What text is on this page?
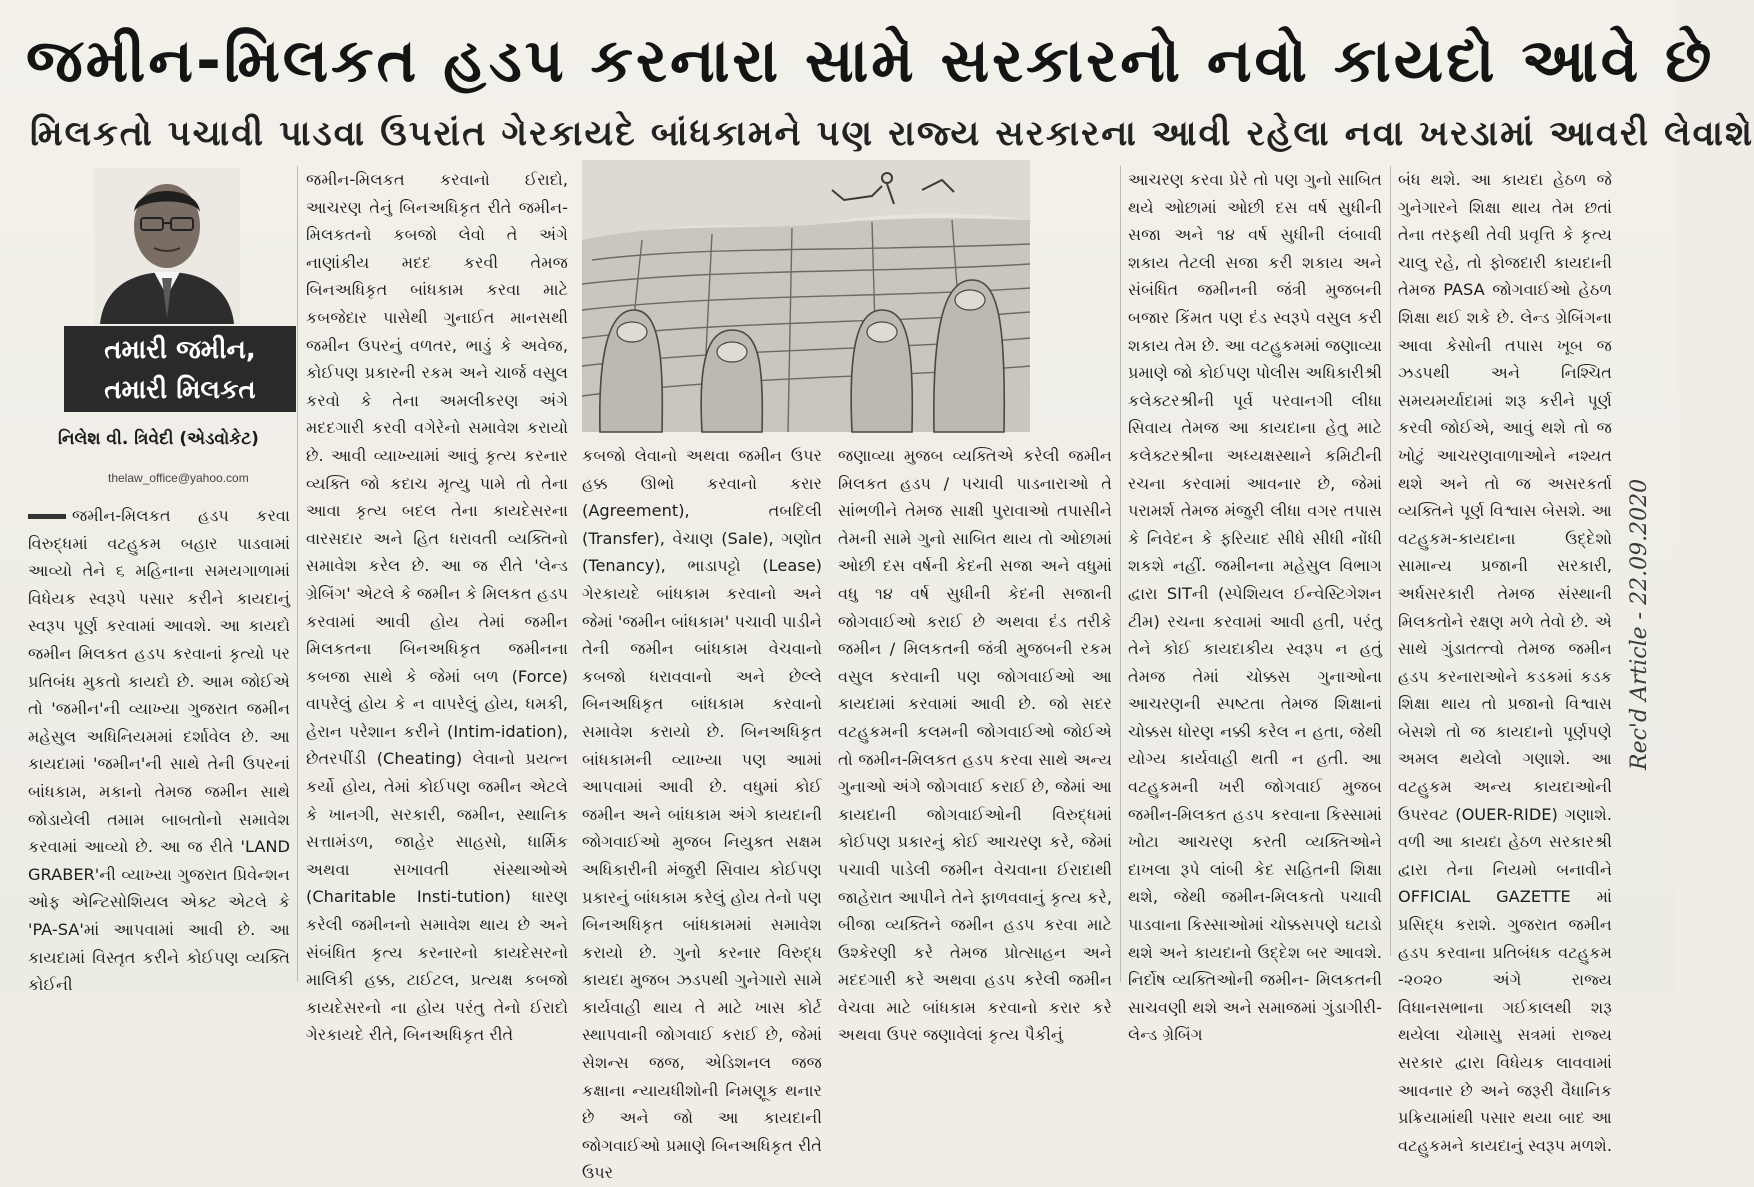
જમીન-મિલકત હડપ કરનારા સામે સરકારનો નવો કાયદો આવે છે
મિલકતો પચાવી પાડવા ઉપરાંત ગેરકાયદે બાંધકામને પણ રાજ્ય સરકારના આવી રહેલા નવા ખરડામાં આવરી લેવાશે
તમારી જમીન,
તમારી મિલકત
નિલેશ વી. ત્રિવેદી (એડવોકેટ)
thelaw_office@yahoo.com

જમીન-મિલકત હડપ કરવા વિરુદ્ધમાં વટહુકમ બહાર પાડવામાં આવ્યો તેને ૬ મહિનાના સમયગાળામાં વિધેયક સ્વરૂપે પસાર કરીને કાયદાનું સ્વરૂપ પૂર્ણ કરવામાં આવશે. આ કાયદો જમીન મિલકત હડપ કરવાનાં કૃત્યો પર પ્રતિબંધ મુકતો કાયદો છે. આમ જોઈએ તો 'જમીન'ની વ્યાખ્યા ગુજરાત જમીન મહેસુલ અધિનિયમમાં દર્શાવેલ છે. આ કાયદામાં 'જમીન'ની સાથે તેની ઉપરનાં બાંધકામ, મકાનો તેમજ જમીન સાથે જોડાયેલી તમામ બાબતોનો સમાવેશ કરવામાં આવ્યો છે. આ જ રીતે 'LAND GRABER'ની વ્યાખ્યા ગુજરાત પ્રિવેન્શન ઓફ એન્ટિસોશિયલ એક્ટ એટલે કે 'PA-SA'માં આપવામાં આવી છે. આ કાયદામાં વિસ્તૃત કરીને કોઈપણ વ્યક્તિ કોઈની

જમીન-મિલકત કરવાનો ઈરાદો, આચરણ તેનું બિનઅધિકૃત રીતે જમીન-મિલકતનો કબજો લેવો તે અંગે નાણાંકીય મદદ કરવી તેમજ બિનઅધિકૃત બાંધકામ કરવા માટે કબજેદાર પાસેથી ગુનાઈત માનસથી જમીન ઉપરનું વળતર, ભાડું કે અવેજ, કોઈપણ પ્રકારની રકમ અને ચાર્જ વસુલ કરવો કે તેના અમલીકરણ અંગે મદદગારી કરવી વગેરેનો સમાવેશ કરાયો છે. આવી વ્યાખ્યામાં આવું કૃત્ય કરનાર વ્યક્તિ જો કદાચ મૃત્યુ પામે તો તેના આવા કૃત્ય બદલ તેના કાયદેસરના વારસદાર અને હિત ધરાવતી વ્યક્તિનો સમાવેશ કરેલ છે. આ જ રીતે 'લેન્ડ ગ્રેબિંગ' એટલે કે જમીન કે મિલકત હડપ કરવામાં આવી હોય તેમાં જમીન મિલકતના બિનઅધિકૃત જમીનના કબજા સાથે કે જેમાં બળ (Force) વાપરેલું હોય કે ન વાપરેલું હોય, ધમકી, હેરાન પરેશાન કરીને (Intim-idation), છેતરપીંડી (Cheating) લેવાનો પ્રયત્ન કર્યો હોય, તેમાં કોઈપણ જમીન એટલે કે ખાનગી, સરકારી, જમીન, સ્થાનિક સત્તામંડળ, જાહેર સાહસો, ધાર્મિક અથવા સખાવતી સંસ્થાઓએ (Charitable Insti-tution) ધારણ કરેલી જમીનનો સમાવેશ થાય છે અને સંબંધિત કૃત્ય કરનારનો કાયદેસરનો માલિકી હક્ક, ટાઈટલ, પ્રત્યક્ષ કબજો કાયદેસરનો ના હોય પરંતુ તેનો ઈરાદો ગેરકાયદે રીતે, બિનઅધિકૃત રીતે

કબજો લેવાનો અથવા જમીન ઉપર હક્ક ઊભો કરવાનો કરાર (Agreement), તબદિલી (Transfer), વેચાણ (Sale), ગણોત (Tenancy), ભાડાપટ્ટો (Lease) ગેરકાયદે બાંધકામ કરવાનો અને જેમાં 'જમીન બાંધકામ' પચાવી પાડીને તેની જમીન બાંધકામ વેચવાનો કબજો ધરાવવાનો અને છેલ્લે બિનઅધિકૃત બાંધકામ કરવાનો સમાવેશ કરાયો છે. બિનઅધિકૃત બાંધકામની વ્યાખ્યા પણ આમાં આપવામાં આવી છે. વધુમાં કોઈ જમીન અને બાંધકામ અંગે કાયદાની જોગવાઈઓ મુજબ નિયુક્ત સક્ષમ અધિકારીની મંજુરી સિવાય કોઈપણ પ્રકારનું બાંધકામ કરેલું હોય તેનો પણ બિનઅધિકૃત બાંધકામમાં સમાવેશ કરાયો છે. ગુનો કરનાર વિરુદ્ધ કાયદા મુજબ ઝડપથી ગુનેગારો સામે કાર્યવાહી થાય તે માટે ખાસ કોર્ટ સ્થાપવાની જોગવાઈ કરાઈ છે, જેમાં સેશન્સ જજ, એડિશનલ જજ કક્ષાના ન્યાયધીશોની નિમણૂક થનાર છે અને જો આ કાયદાની જોગવાઈઓ પ્રમાણે બિનઅધિકૃત રીતે ઉપર

જણાવ્યા મુજબ વ્યક્તિએ કરેલી જમીન મિલકત હડપ / પચાવી પાડનારાઓ તે સાંભળીને તેમજ સાક્ષી પુરાવાઓ તપાસીને તેમની સામે ગુનો સાબિત થાય તો ઓછામાં ઓછી દસ વર્ષની કેદની સજા અને વધુમાં વધુ ૧૪ વર્ષ સુધીની કેદની સજાની જોગવાઈઓ કરાઈ છે અથવા દંડ તરીકે જમીન / મિલકતની જંત્રી મુજબની રકમ વસુલ કરવાની પણ જોગવાઈઓ આ કાયદામાં કરવામાં આવી છે. જો સદર વટહુકમની કલમની જોગવાઈઓ જોઈએ તો જમીન-મિલકત હડપ કરવા સાથે અન્ય ગુનાઓ અંગે જોગવાઈ કરાઈ છે, જેમાં આ કાયદાની જોગવાઈઓની વિરુદ્ધમાં કોઈપણ પ્રકારનું કોઈ આચરણ કરે, જેમાં પચાવી પાડેલી જમીન વેચવાના ઈરાદાથી જાહેરાત આપીને તેને ફાળવવાનું કૃત્ય કરે, બીજા વ્યક્તિને જમીન હડપ કરવા માટે ઉશ્કેરણી કરે તેમજ પ્રોત્સાહન અને મદદગારી કરે અથવા હડપ કરેલી જમીન વેચવા માટે બાંધકામ કરવાનો કરાર કરે અથવા ઉપર જણાવેલાં કૃત્ય પૈકીનું

આચરણ કરવા પ્રેરે તો પણ ગુનો સાબિત થયે ઓછામાં ઓછી દસ વર્ષ સુધીની સજા અને ૧૪ વર્ષ સુધીની લંબાવી શકાય તેટલી સજા કરી શકાય અને સંબંધિત જમીનની જંત્રી મુજબની બજાર કિંમત પણ દંડ સ્વરૂપે વસુલ કરી શકાય તેમ છે. આ વટહુકમમાં જણાવ્યા પ્રમાણે જો કોઈપણ પોલીસ અધિકારીશ્રી કલેક્ટરશ્રીની પૂર્વ પરવાનગી લીધા સિવાય તેમજ આ કાયદાના હેતુ માટે કલેક્ટરશ્રીના અધ્યક્ષસ્થાને કમિટીની રચના કરવામાં આવનાર છે, જેમાં પરામર્શ તેમજ મંજુરી લીધા વગર તપાસ કે નિવેદન કે ફરિયાદ સીધે સીધી નોંધી શકશે નહીં. જમીનના મહેસુલ વિભાગ દ્વારા SITની (સ્પેશિયલ ઈન્વેસ્ટિગેશન ટીમ) રચના કરવામાં આવી હતી, પરંતુ તેને કોઈ કાયદાકીય સ્વરૂપ ન હતું તેમજ તેમાં ચોક્કસ ગુનાઓના આચરણની સ્પષ્ટતા તેમજ શિક્ષાનાં ચોક્કસ ધોરણ નક્કી કરેલ ન હતા, જેથી યોગ્ય કાર્યવાહી થતી ન હતી. આ વટહુકમની ખરી જોગવાઈ મુજબ જમીન-મિલકત હડપ કરવાના કિસ્સામાં ખોટા આચરણ કરતી વ્યક્તિઓને દાખલા રૂપે લાંબી કેદ સહિતની શિક્ષા થશે, જેથી જમીન-મિલકતો પચાવી પાડવાના કિસ્સાઓમાં ચોક્કસપણે ઘટાડો થશે અને કાયદાનો ઉદ્દેશ બર આવશે. નિર્દોષ વ્યક્તિઓની જમીન- મિલકતની સાચવણી થશે અને સમાજમાં ગુંડાગીરી- લેન્ડ ગ્રેબિંગ

બંધ થશે. આ કાયદા હેઠળ જે ગુનેગારને શિક્ષા થાય તેમ છતાં તેના તરફથી તેવી પ્રવૃત્તિ કે કૃત્ય ચાલુ રહે, તો ફોજદારી કાયદાની તેમજ PASA જોગવાઈઓ હેઠળ શિક્ષા થઈ શકે છે. લેન્ડ ગ્રેબિંગના આવા કેસોની તપાસ ખૂબ જ ઝડપથી અને નિશ્ચિત સમયમર્યાદામાં શરૂ કરીને પૂર્ણ કરવી જોઈએ, આવું થશે તો જ ખોટું આચરણવાળાઓને નશ્યત થશે અને તો જ અસરકર્તા વ્યક્તિને પૂર્ણ વિશ્વાસ બેસશે. આ વટહુકમ-કાયદાના ઉદ્દેશો સામાન્ય પ્રજાની સરકારી, અર્ધસરકારી તેમજ સંસ્થાની મિલકતોને રક્ષણ મળે તેવો છે. એ સાથે ગુંડાતત્ત્વો તેમજ જમીન હડપ કરનારાઓને કડકમાં કડક શિક્ષા થાય તો પ્રજાનો વિશ્વાસ બેસશે તો જ કાયદાનો પૂર્ણપણે અમલ થયેલો ગણાશે. આ વટહુકમ અન્ય કાયદાઓની ઉપરવટ (OUER-RIDE) ગણાશે. વળી આ કાયદા હેઠળ સરકારશ્રી દ્વારા તેના નિયમો બનાવીને OFFICIAL GAZETTE માં પ્રસિદ્ધ કરાશે. ગુજરાત જમીન હડપ કરવાના પ્રતિબંધક વટહુકમ -૨૦૨૦ અંગે રાજ્ય વિધાનસભાના ગઈકાલથી શરૂ થયેલા ચોમાસુ સત્રમાં રાજ્ય સરકાર દ્વારા વિધેયક લાવવામાં આવનાર છે અને જરૂરી વૈધાનિક પ્રક્રિયામાંથી પસાર થયા બાદ આ વટહુકમને કાયદાનું સ્વરૂપ મળશે.

Rec'd Article - 22.09.2020
